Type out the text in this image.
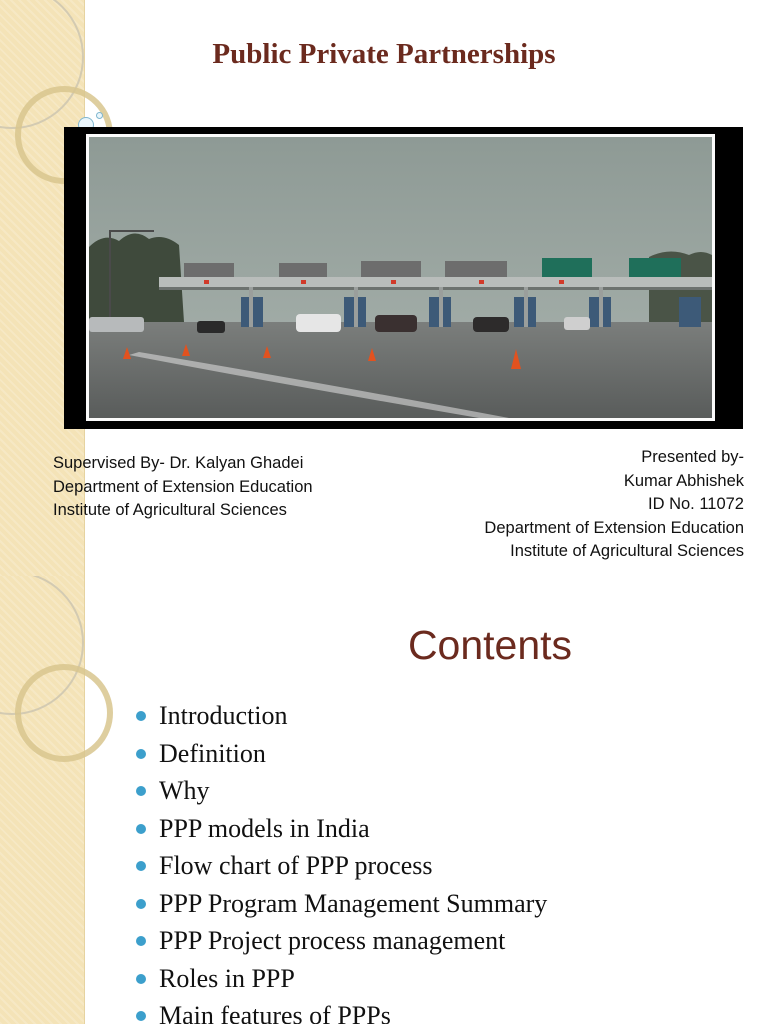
Public Private Partnerships
Supervised By- Dr. Kalyan Ghadei
Department of Extension Education
Institute of Agricultural Sciences
Presented by-
Kumar Abhishek
ID No. 11072
Department of Extension Education
Institute of Agricultural Sciences
Contents
Introduction
Definition
Why
PPP models in India
Flow chart of PPP process
PPP Program Management Summary
PPP Project process management
Roles in PPP
Main features of PPPs
